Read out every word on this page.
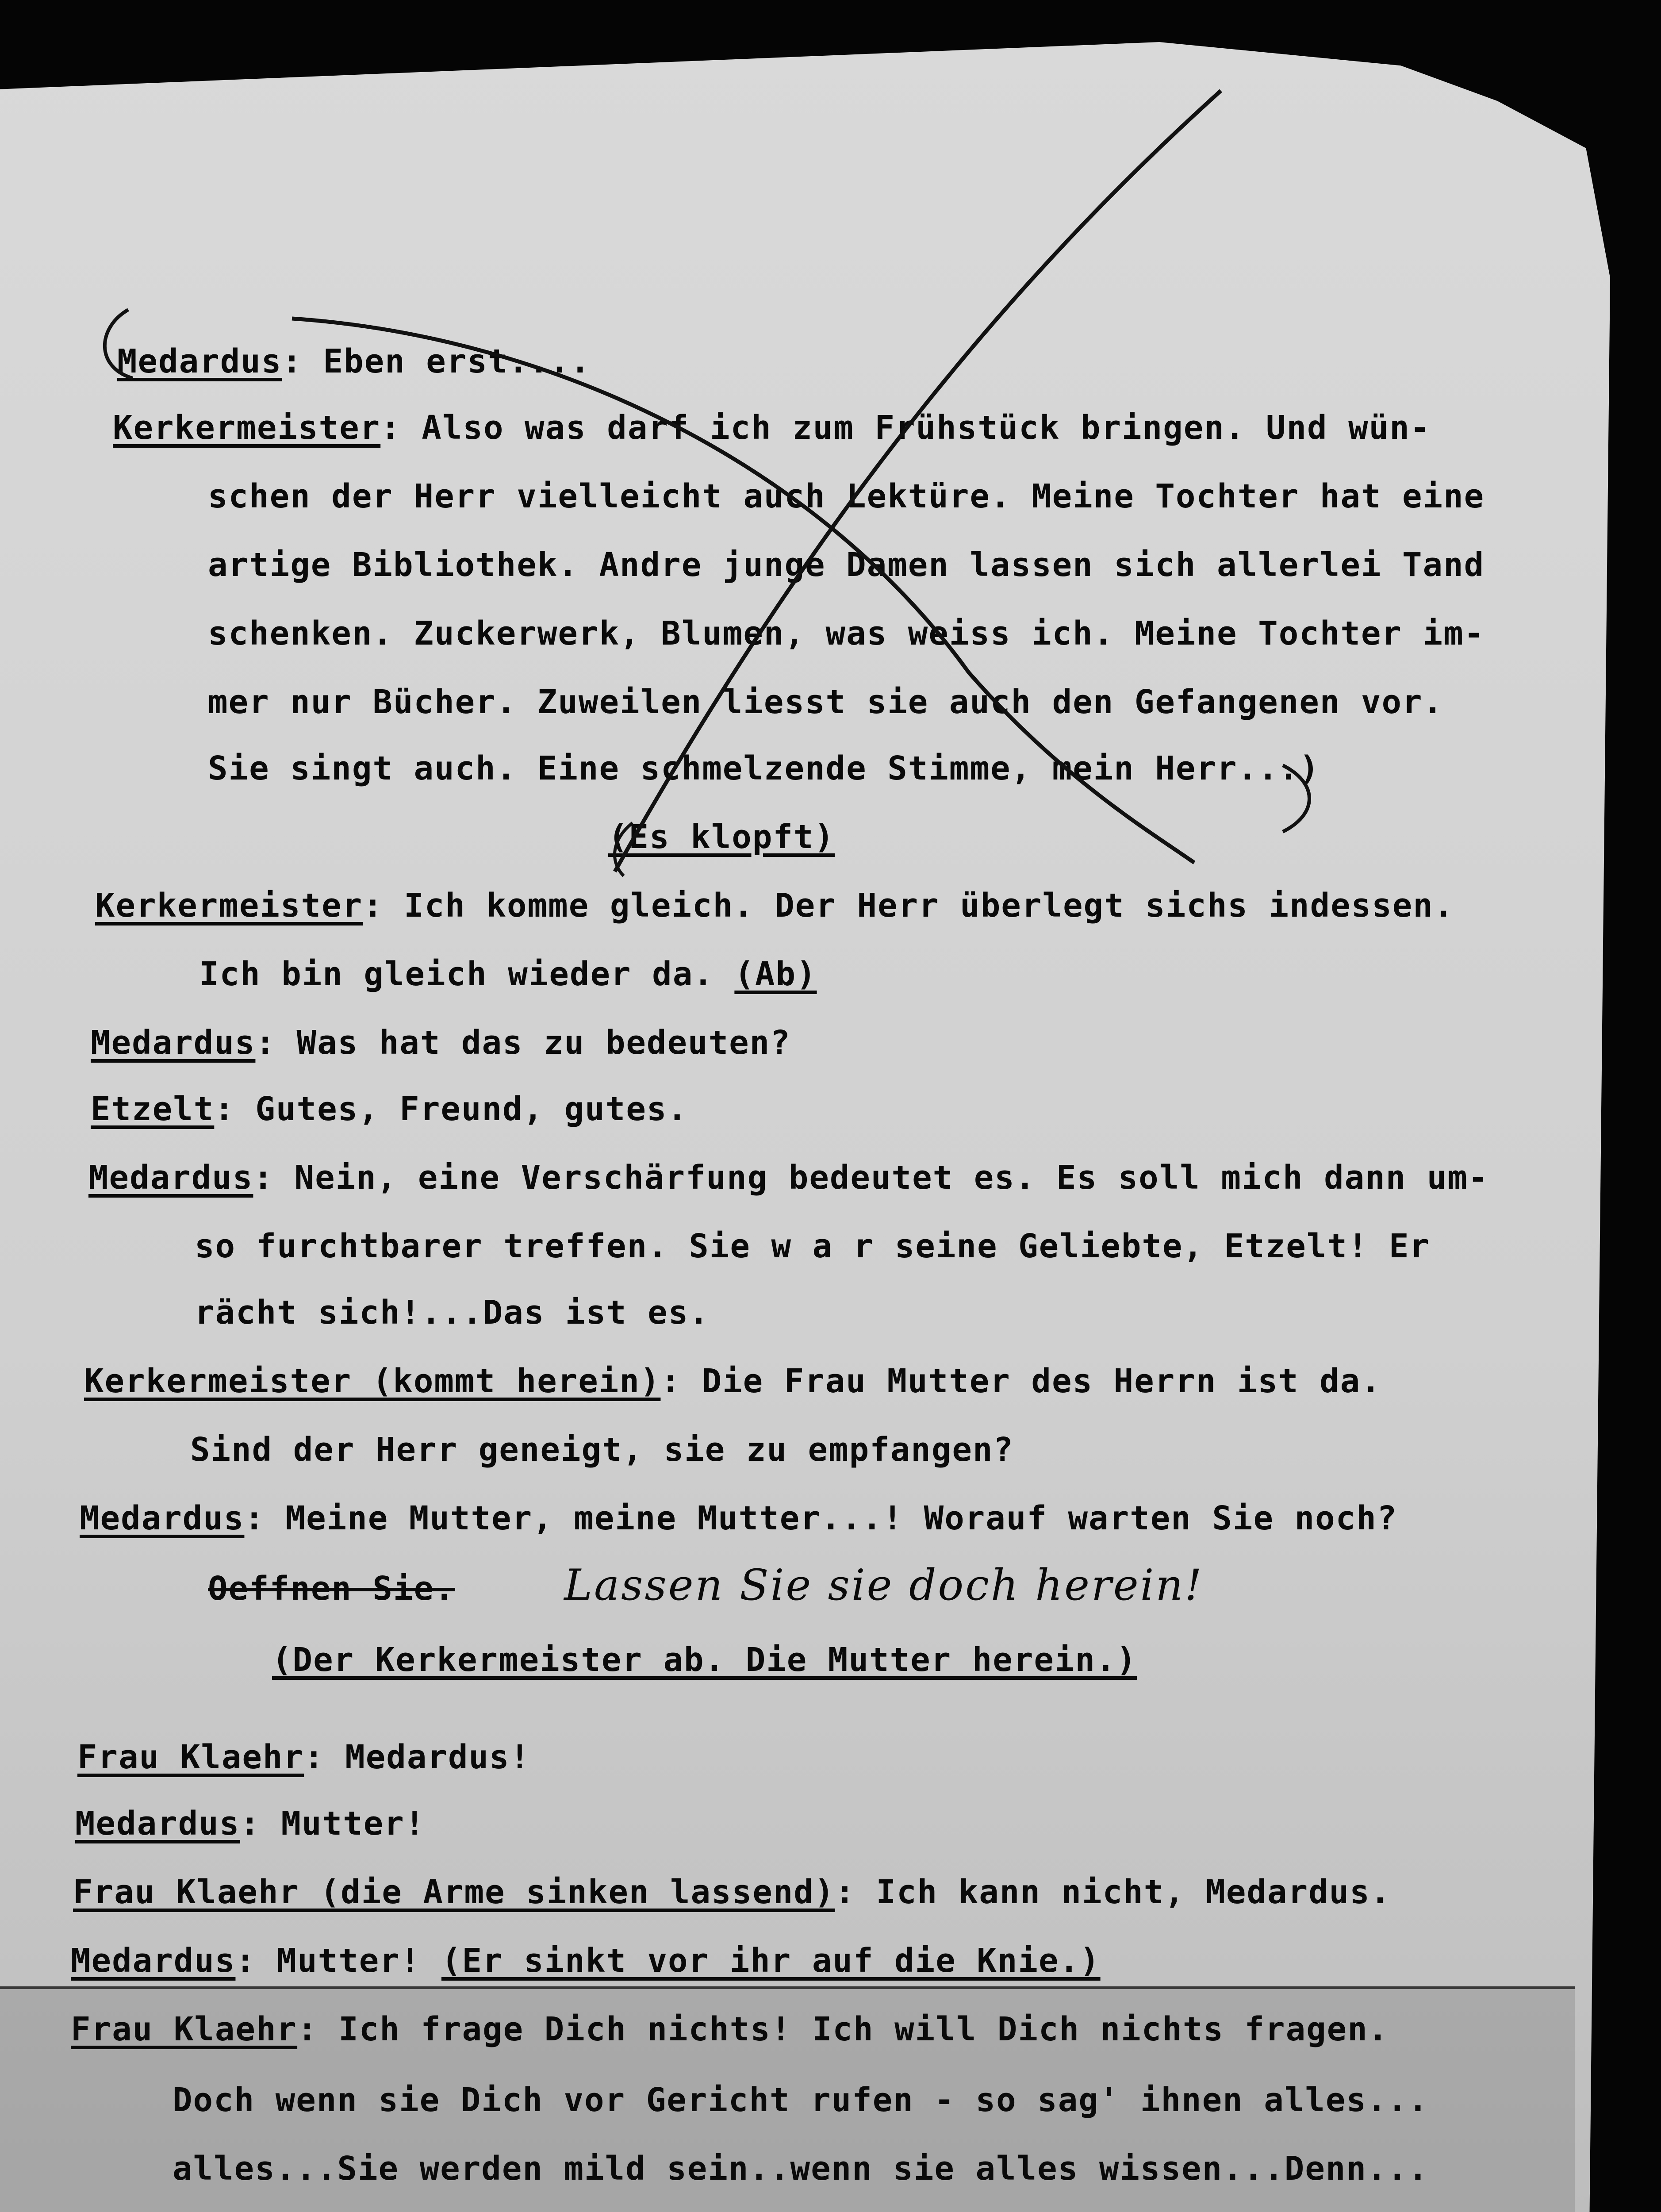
Medardus: Eben erst....
Kerkermeister: Also was darf ich zum Frühstück bringen. Und wün-
schen der Herr vielleicht auch Lektüre. Meine Tochter hat eine
artige Bibliothek. Andre junge Damen lassen sich allerlei Tand
schenken. Zuckerwerk, Blumen, was weiss ich. Meine Tochter im-
mer nur Bücher. Zuweilen liesst sie auch den Gefangenen vor.
Sie singt auch. Eine schmelzende Stimme, mein Herr...)
(Es klopft)
Kerkermeister: Ich komme gleich. Der Herr überlegt sichs indessen.
Ich bin gleich wieder da. (Ab)
Medardus: Was hat das zu bedeuten?
Etzelt: Gutes, Freund, gutes.
Medardus: Nein, eine Verschärfung bedeutet es. Es soll mich dann um-
so furchtbarer treffen. Sie w a r seine Geliebte, Etzelt! Er
rächt sich!...Das ist es.
Kerkermeister (kommt herein): Die Frau Mutter des Herrn ist da.
Sind der Herr geneigt, sie zu empfangen?
Medardus: Meine Mutter, meine Mutter...! Worauf warten Sie noch?
Oeffnen Sie.	Lassen Sie sie doch herein!
(Der Kerkermeister ab. Die Mutter herein.)
Frau Klaehr: Medardus!
Medardus: Mutter!
Frau Klaehr (die Arme sinken lassend): Ich kann nicht, Medardus.
Medardus: Mutter! (Er sinkt vor ihr auf die Knie.)
Frau Klaehr: Ich frage Dich nichts! Ich will Dich nichts fragen.
Doch wenn sie Dich vor Gericht rufen - so sag' ihnen alles...
alles...Sie werden mild sein..wenn sie alles wissen...Denn...
